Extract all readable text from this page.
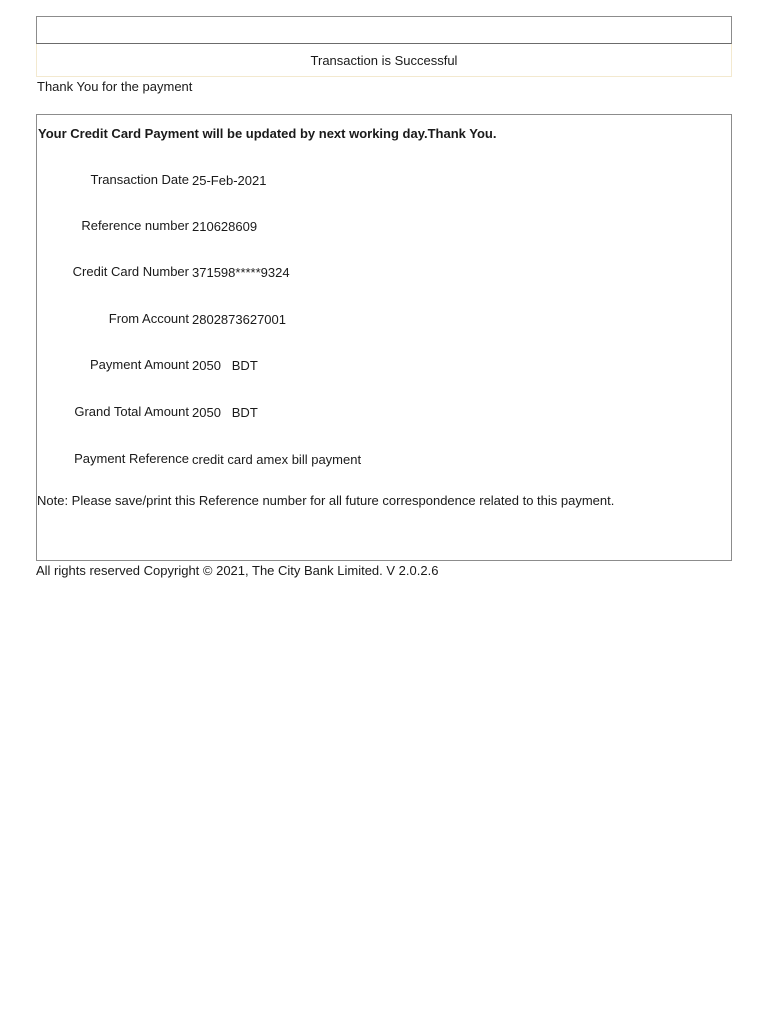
Transaction is Successful
Thank You for the payment
Your Credit Card Payment will be updated by next working day.Thank You.
Transaction Date 25-Feb-2021
Reference number 210628609
Credit Card Number 371598*****9324
From Account 2802873627001
Payment Amount 2050   BDT
Grand Total Amount 2050   BDT
Payment Reference credit card amex bill payment
Note: Please save/print this Reference number for all future correspondence related to this payment.
All rights reserved Copyright © 2021, The City Bank Limited. V 2.0.2.6
